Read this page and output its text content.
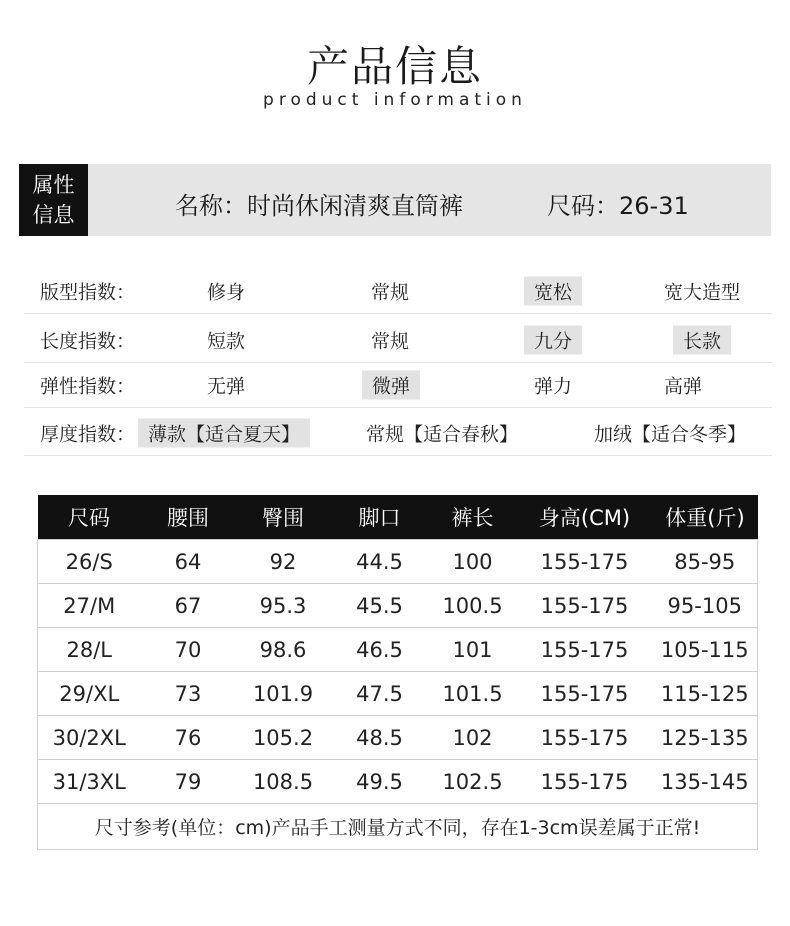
产品信息
product information
属性
信息	名称：时尚休闲清爽直筒裤	尺码：26-31
版型指数：	修身	常规	宽松	宽大造型
长度指数：	短款	常规	九分	长款
弹性指数：	无弹	微弹	弹力	高弹
厚度指数： 薄款【适合夏天】	常规【适合春秋】	加绒【适合冬季】
尺码	腰围	臀围	脚口	裤长	身高(CM)	体重(斤)
26/S	64	92	44.5	100	155-175	85-95
27/M	67	95.3	45.5	100.5	155-175	95-105
28/L	70	98.6	46.5	101	155-175	105-115
29/XL	73	101.9	47.5	101.5	155-175	115-125
30/2XL	76	105.2	48.5	102	155-175	125-135
31/3XL	79	108.5	49.5	102.5	155-175	135-145
尺寸参考(单位：cm)产品手工测量方式不同，存在1-3cm误差属于正常!						
